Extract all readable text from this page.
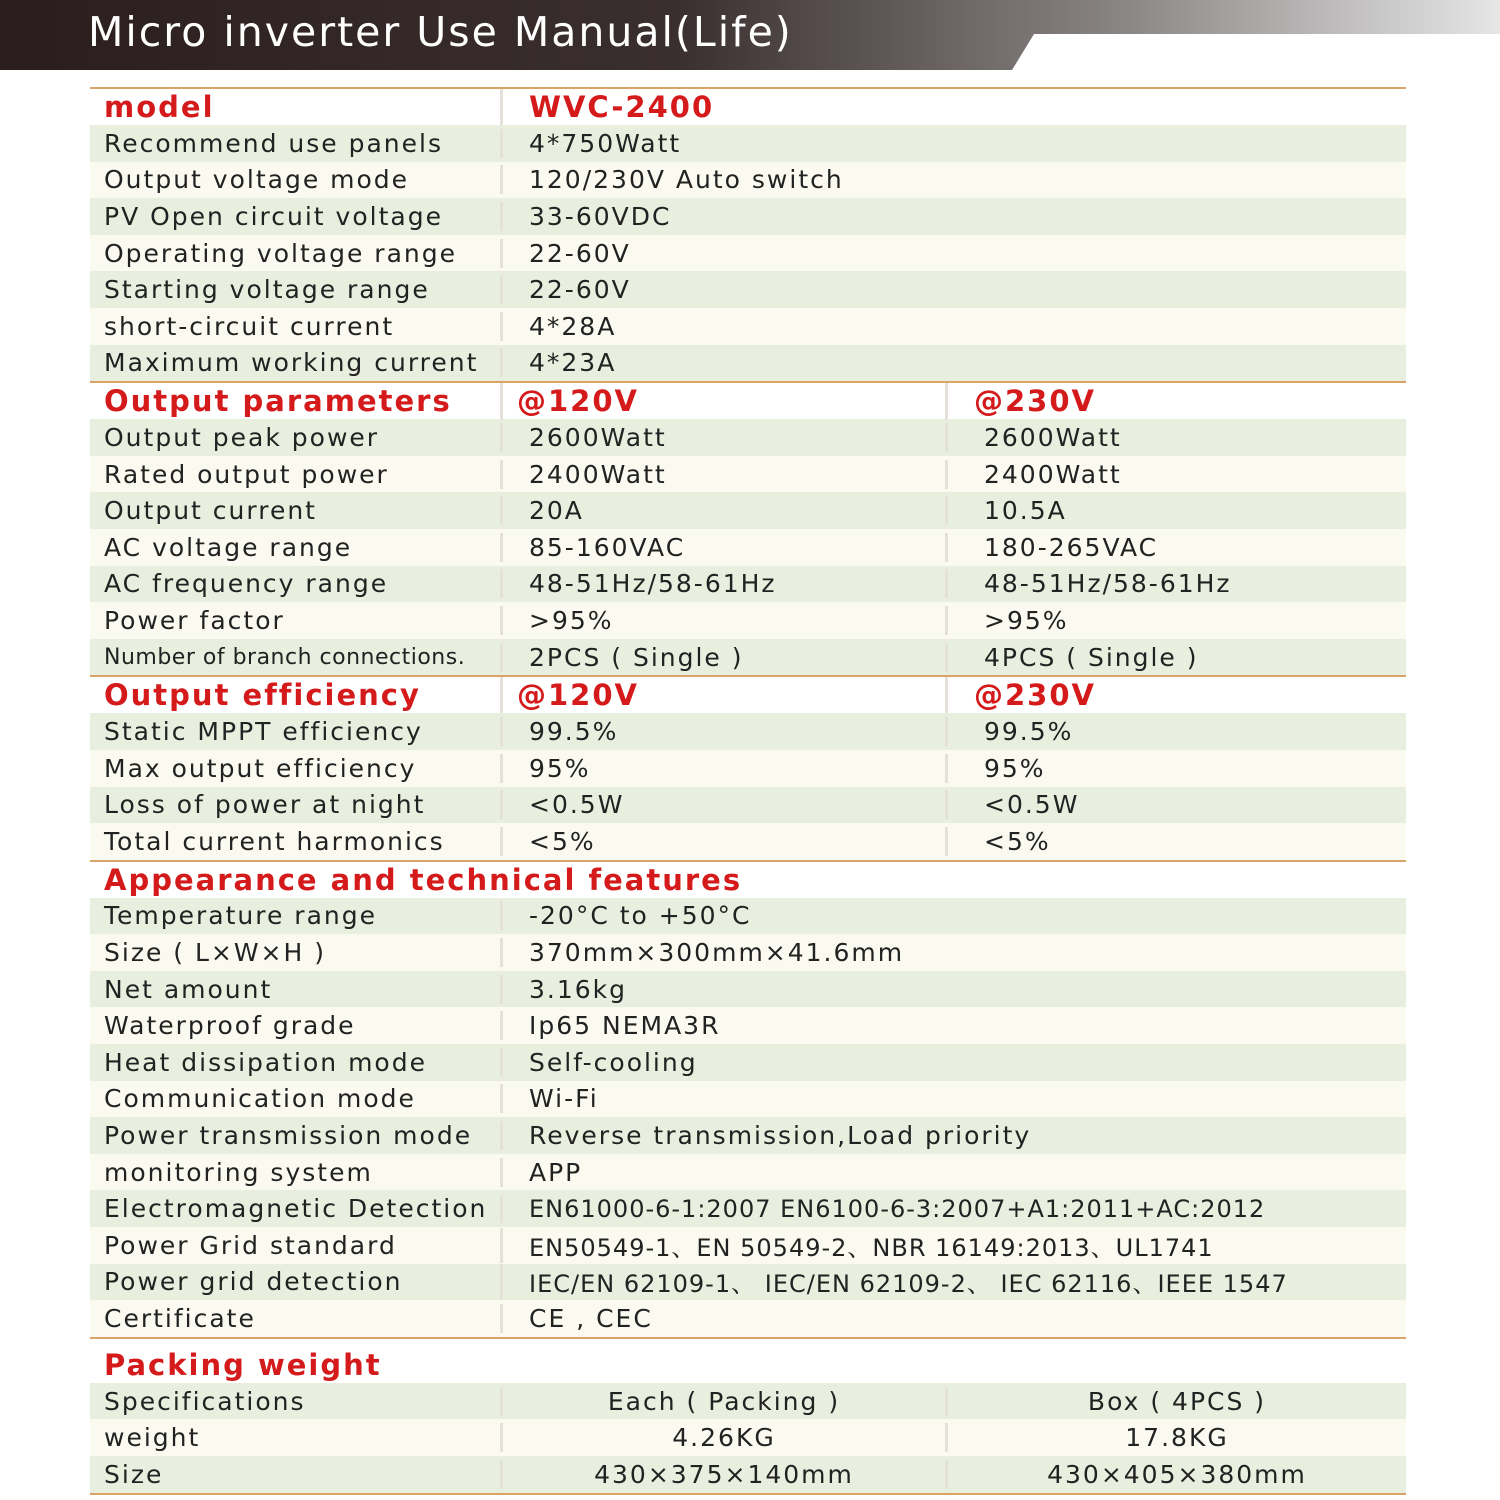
Micro inverter Use Manual(Life)
model	WVC-2400
Recommend use panels	4*750Watt
Output voltage mode	120/230V Auto switch
PV Open circuit voltage	33-60VDC
Operating voltage range	22-60V
Starting voltage range	22-60V
short-circuit current	4*28A
Maximum working current	4*23A
Output parameters	@120V	@230V
Output peak power	2600Watt	2600Watt
Rated output power	2400Watt	2400Watt
Output current	20A	10.5A
AC voltage range	85-160VAC	180-265VAC
AC frequency range	48-51Hz/58-61Hz	48-51Hz/58-61Hz
Power factor	>95%	>95%
Number of branch connections.	2PCS ( Single )	4PCS ( Single )
Output efficiency	@120V	@230V
Static MPPT efficiency	99.5%	99.5%
Max output efficiency	95%	95%
Loss of power at night	<0.5W	<0.5W
Total current harmonics	<5%	<5%
Appearance and technical features
Temperature range	-20°C to +50°C
Size ( L×W×H )	370mm×300mm×41.6mm
Net amount	3.16kg
Waterproof grade	Ip65 NEMA3R
Heat dissipation mode	Self-cooling
Communication mode	Wi-Fi
Power transmission mode	Reverse transmission,Load priority
monitoring system	APP
Electromagnetic Detection	EN61000-6-1:2007 EN6100-6-3:2007+A1:2011+AC:2012
Power Grid standard	EN50549-1、EN 50549-2、NBR 16149:2013、UL1741
Power grid detection	IEC/EN 62109-1、 IEC/EN 62109-2、 IEC 62116、IEEE 1547
Certificate	CE , CEC
Packing weight
Specifications	Each ( Packing )	Box ( 4PCS )
weight	4.26KG	17.8KG
Size	430×375×140mm	430×405×380mm
